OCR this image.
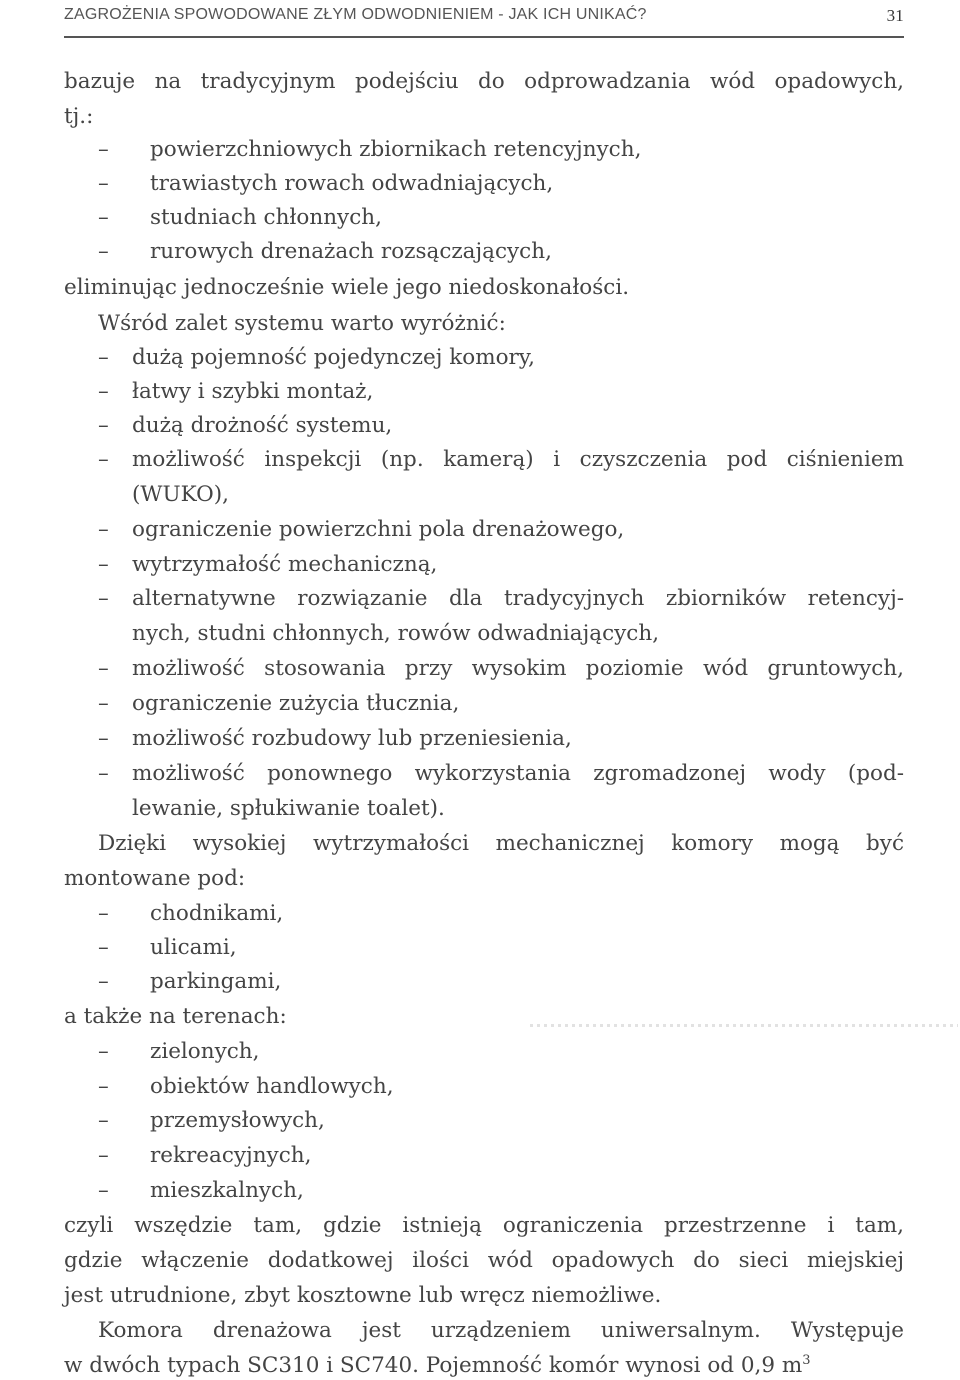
ZAGROŻENIA SPOWODOWANE ZŁYM ODWODNIENIEM - JAK ICH UNIKAĆ?	31
bazuje na tradycyjnym podejściu do odprowadzania wód opadowych,
tj.:
– powierzchniowych zbiornikach retencyjnych,
– trawiastych rowach odwadniających,
– studniach chłonnych,
– rurowych drenażach rozsączających,
eliminując jednocześnie wiele jego niedoskonałości.
Wśród zalet systemu warto wyróżnić:
– dużą pojemność pojedynczej komory,
– łatwy i szybki montaż,
– dużą drożność systemu,
– możliwość inspekcji (np. kamerą) i czyszczenia pod ciśnieniem
(WUKO),
– ograniczenie powierzchni pola drenażowego,
– wytrzymałość mechaniczną,
– alternatywne rozwiązanie dla tradycyjnych zbiorników retencyj-
nych, studni chłonnych, rowów odwadniających,
– możliwość stosowania przy wysokim poziomie wód gruntowych,
– ograniczenie zużycia tłucznia,
– możliwość rozbudowy lub przeniesienia,
– możliwość ponownego wykorzystania zgromadzonej wody (pod-
lewanie, spłukiwanie toalet).
Dzięki wysokiej wytrzymałości mechanicznej komory mogą być
montowane pod:
– chodnikami,
– ulicami,
– parkingami,
a także na terenach:
– zielonych,
– obiektów handlowych,
– przemysłowych,
– rekreacyjnych,
– mieszkalnych,
czyli wszędzie tam, gdzie istnieją ograniczenia przestrzenne i tam,
gdzie włączenie dodatkowej ilości wód opadowych do sieci miejskiej
jest utrudnione, zbyt kosztowne lub wręcz niemożliwe.
Komora drenażowa jest urządzeniem uniwersalnym. Występuje
w dwóch typach SC310 i SC740. Pojemność komór wynosi od 0,9 $m^3$
